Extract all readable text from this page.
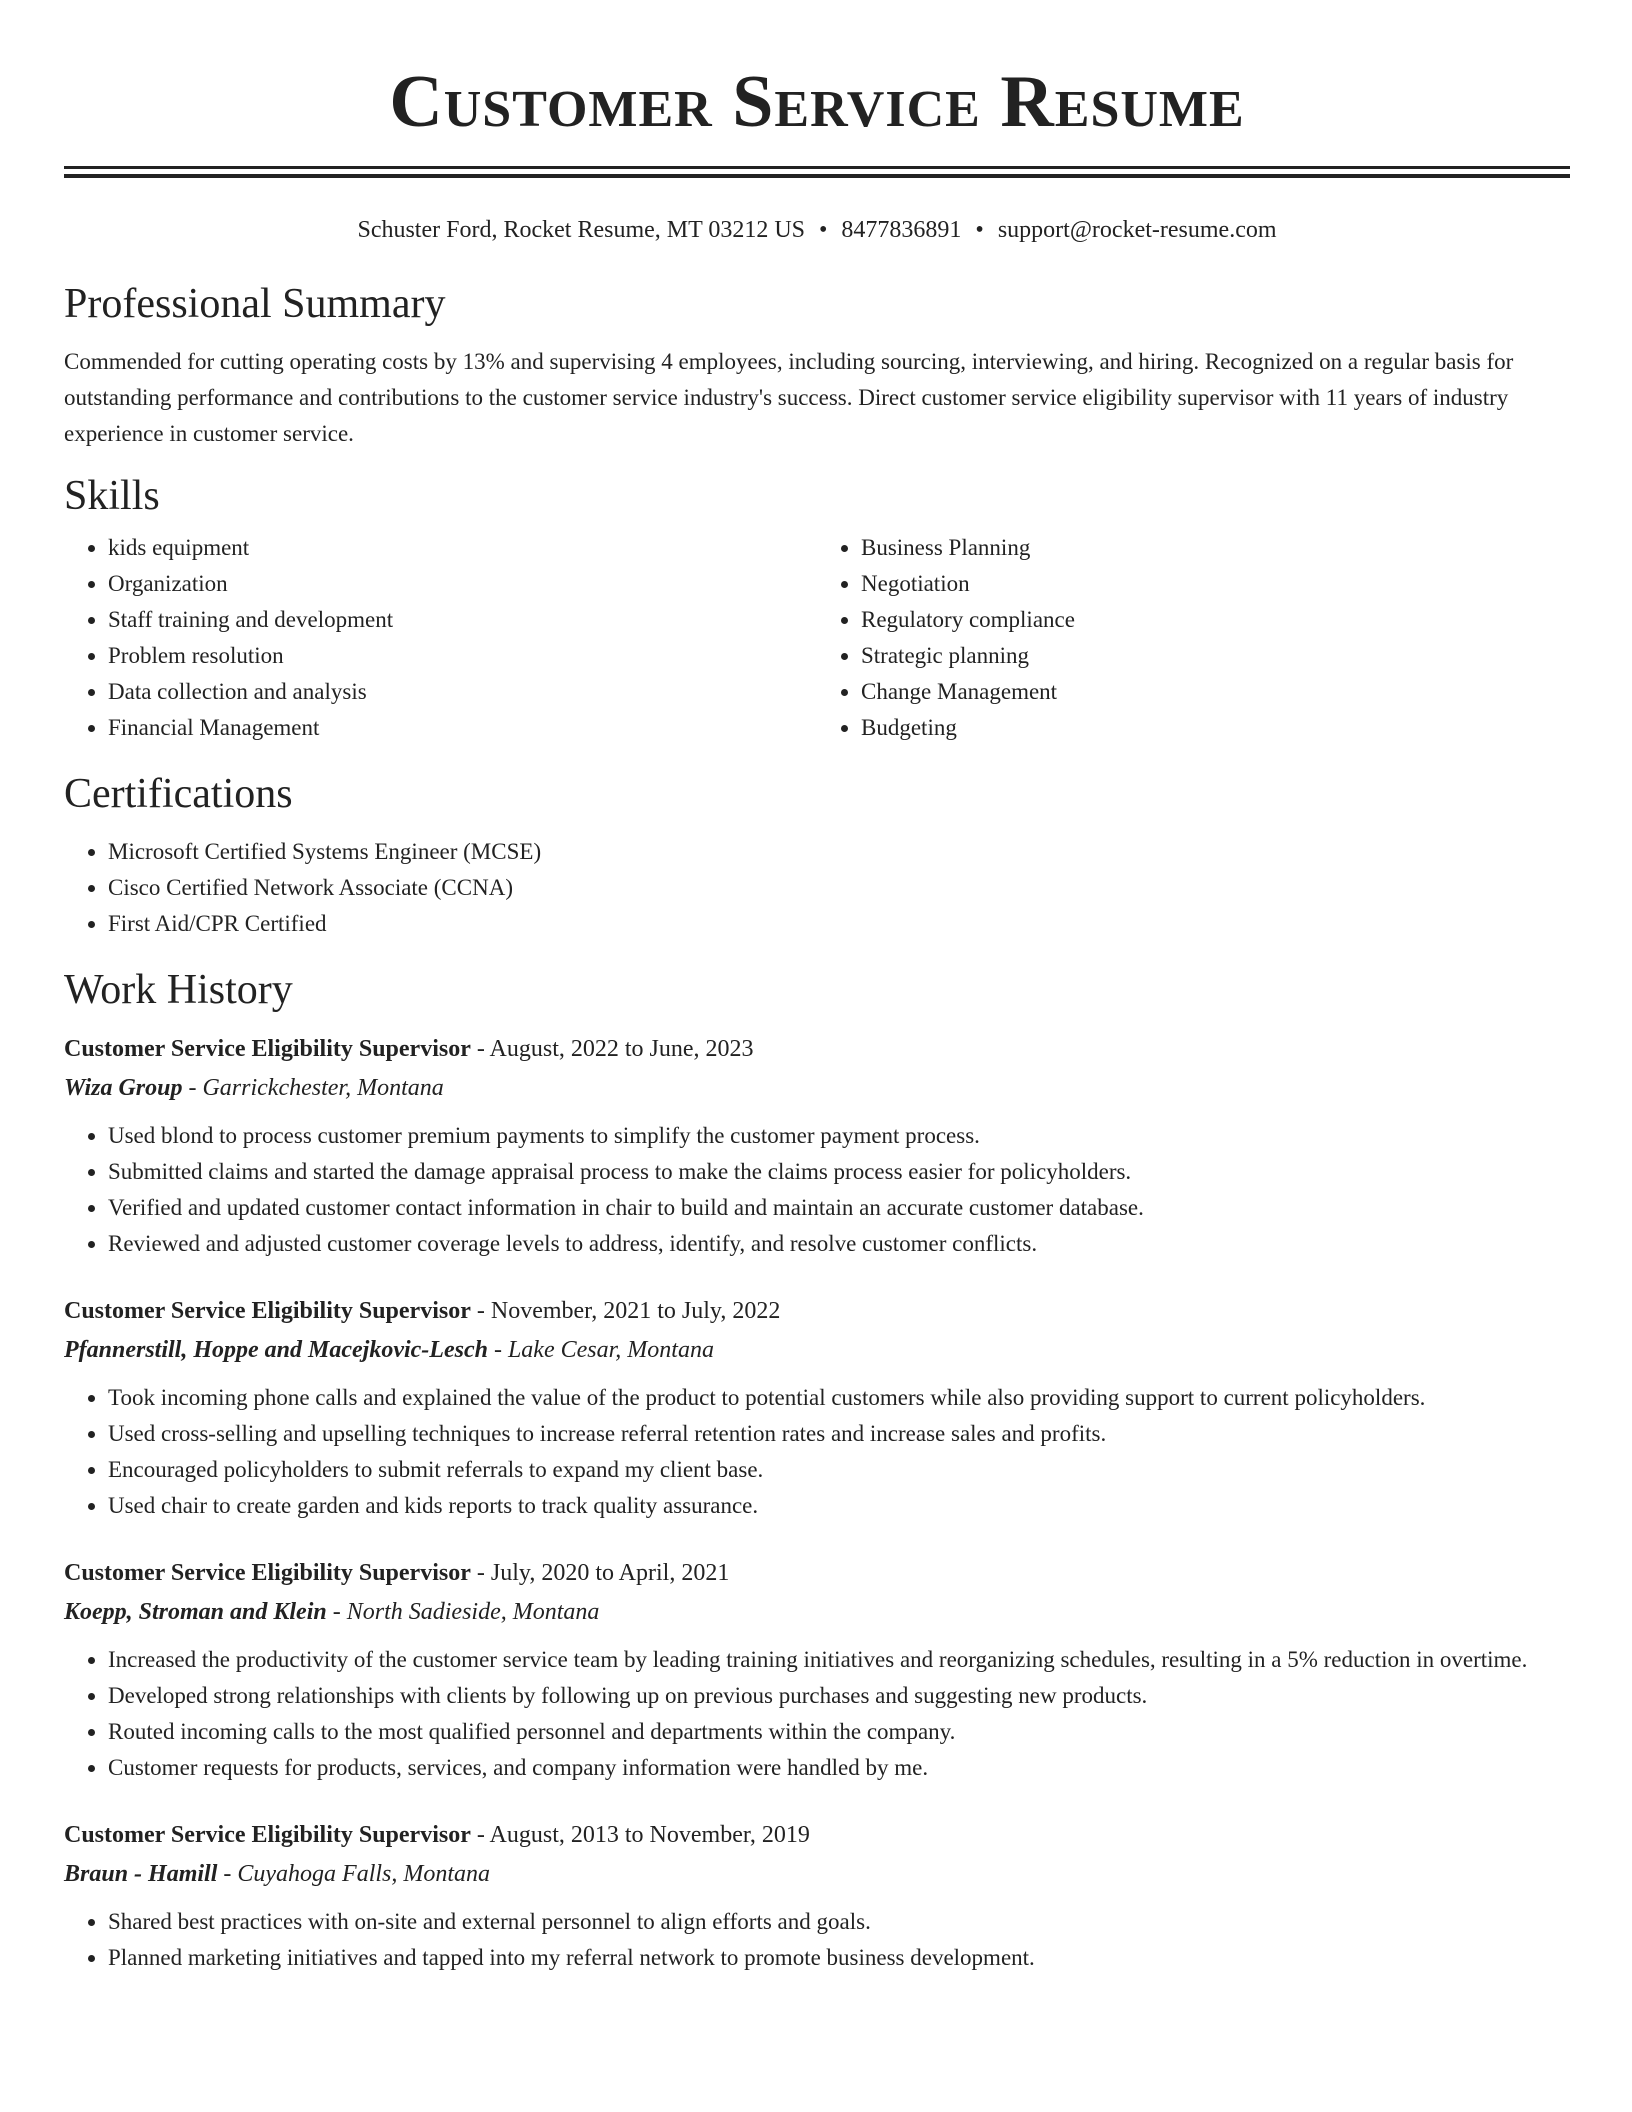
Customer Service Resume
Schuster Ford, Rocket Resume, MT 03212 US • 8477836891 • support@rocket-resume.com
Professional Summary

Commended for cutting operating costs by 13% and supervising 4 employees, including sourcing, interviewing, and hiring. Recognized on a regular basis for outstanding performance and contributions to the customer service industry's success. Direct customer service eligibility supervisor with 11 years of industry experience in customer service.

Skills
• kids equipment
• Organization
• Staff training and development
• Problem resolution
• Data collection and analysis
• Financial Management
• Business Planning
• Negotiation
• Regulatory compliance
• Strategic planning
• Change Management
• Budgeting
Certifications
• Microsoft Certified Systems Engineer (MCSE)
• Cisco Certified Network Associate (CCNA)
• First Aid/CPR Certified
Work History
Customer Service Eligibility Supervisor - August, 2022 to June, 2023
Wiza Group - Garrickchester, Montana
• Used blond to process customer premium payments to simplify the customer payment process.
• Submitted claims and started the damage appraisal process to make the claims process easier for policyholders.
• Verified and updated customer contact information in chair to build and maintain an accurate customer database.
• Reviewed and adjusted customer coverage levels to address, identify, and resolve customer conflicts.
Customer Service Eligibility Supervisor - November, 2021 to July, 2022
Pfannerstill, Hoppe and Macejkovic-Lesch - Lake Cesar, Montana
• Took incoming phone calls and explained the value of the product to potential customers while also providing support to current policyholders.
• Used cross-selling and upselling techniques to increase referral retention rates and increase sales and profits.
• Encouraged policyholders to submit referrals to expand my client base.
• Used chair to create garden and kids reports to track quality assurance.
Customer Service Eligibility Supervisor - July, 2020 to April, 2021
Koepp, Stroman and Klein - North Sadieside, Montana
• Increased the productivity of the customer service team by leading training initiatives and reorganizing schedules, resulting in a 5% reduction in overtime.
• Developed strong relationships with clients by following up on previous purchases and suggesting new products.
• Routed incoming calls to the most qualified personnel and departments within the company.
• Customer requests for products, services, and company information were handled by me.
Customer Service Eligibility Supervisor - August, 2013 to November, 2019
Braun - Hamill - Cuyahoga Falls, Montana
• Shared best practices with on-site and external personnel to align efforts and goals.
• Planned marketing initiatives and tapped into my referral network to promote business development.
